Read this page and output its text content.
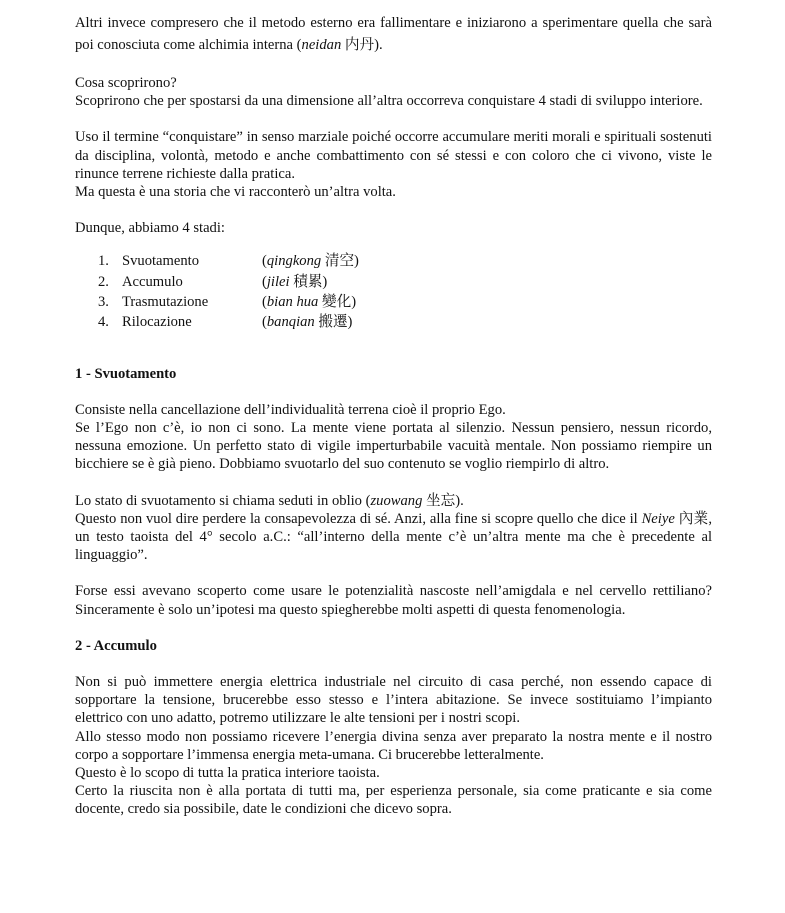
Altri invece compresero che il metodo esterno era fallimentare e iniziarono a sperimentare quella che sarà poi conosciuta come alchimia interna (neidan 内丹).

Cosa scoprirono?

Scoprirono che per spostarsi da una dimensione all’altra occorreva conquistare 4 stadi di sviluppo interiore.

Uso il termine “conquistare” in senso marziale poiché occorre accumulare meriti morali e spirituali sostenuti da disciplina, volontà, metodo e anche combattimento con sé stessi e con coloro che ci vivono, viste le rinunce terrene richieste dalla pratica.

Ma questa è una storia che vi racconterò un’altra volta.

Dunque, abbiamo 4 stadi:

1. Svuotamento	(qingkong 清空)
2. Accumulo	(jilei 積累)
3. Trasmutazione	(bian hua 變化)
4. Rilocazione	(banqian 搬遷)
1 - Svuotamento

Consiste nella cancellazione dell’individualità terrena cioè il proprio Ego.

Se l’Ego non c’è, io non ci sono. La mente viene portata al silenzio. Nessun pensiero, nessun ricordo, nessuna emozione. Un perfetto stato di vigile imperturbabile vacuità mentale. Non possiamo riempire un bicchiere se è già pieno. Dobbiamo svuotarlo del suo contenuto se voglio riempirlo di altro.

Lo stato di svuotamento si chiama seduti in oblio (zuowang 坐忘).

Questo non vuol dire perdere la consapevolezza di sé. Anzi, alla fine si scopre quello che dice il Neiye 內業, un testo taoista del 4° secolo a.C.: “all’interno della mente c’è un’altra mente ma che è precedente al linguaggio”.

Forse essi avevano scoperto come usare le potenzialità nascoste nell’amigdala e nel cervello rettiliano? Sinceramente è solo un’ipotesi ma questo spiegherebbe molti aspetti di questa fenomenologia.

2 - Accumulo

Non si può immettere energia elettrica industriale nel circuito di casa perché, non essendo capace di sopportare la tensione, brucerebbe esso stesso e l’intera abitazione. Se invece sostituiamo l’impianto elettrico con uno adatto, potremo utilizzare le alte tensioni per i nostri scopi.

Allo stesso modo non possiamo ricevere l’energia divina senza aver preparato la nostra mente e il nostro corpo a sopportare l’immensa energia meta-umana. Ci brucerebbe letteralmente.

Questo è lo scopo di tutta la pratica interiore taoista.

Certo la riuscita non è alla portata di tutti ma, per esperienza personale, sia come praticante e sia come docente, credo sia possibile, date le condizioni che dicevo sopra.
